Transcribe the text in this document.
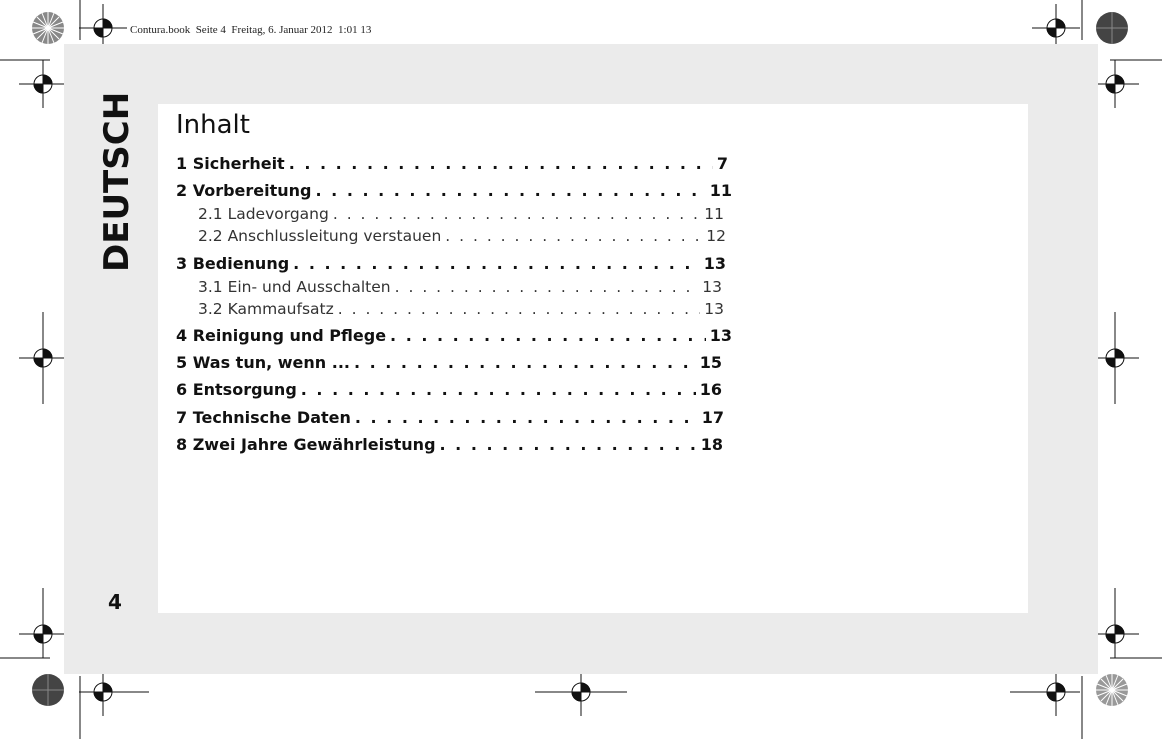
Contura.book  Seite 4  Freitag, 6. Januar 2012  1:01 13
DEUTSCH
4
Inhalt
1 Sicherheit . . .	7
2 Vorbereitung . . .	11
2.1 Ladevorgang . . .	11
2.2 Anschlussleitung verstauen . . .	12
3 Bedienung . . .	13
3.1 Ein- und Ausschalten . . .	13
3.2 Kammaufsatz . . .	13
4 Reinigung und Pflege . . .	13
5 Was tun, wenn ... . . .	15
6 Entsorgung . . .	16
7 Technische Daten . . .	17
8 Zwei Jahre Gewährleistung . . .	18
